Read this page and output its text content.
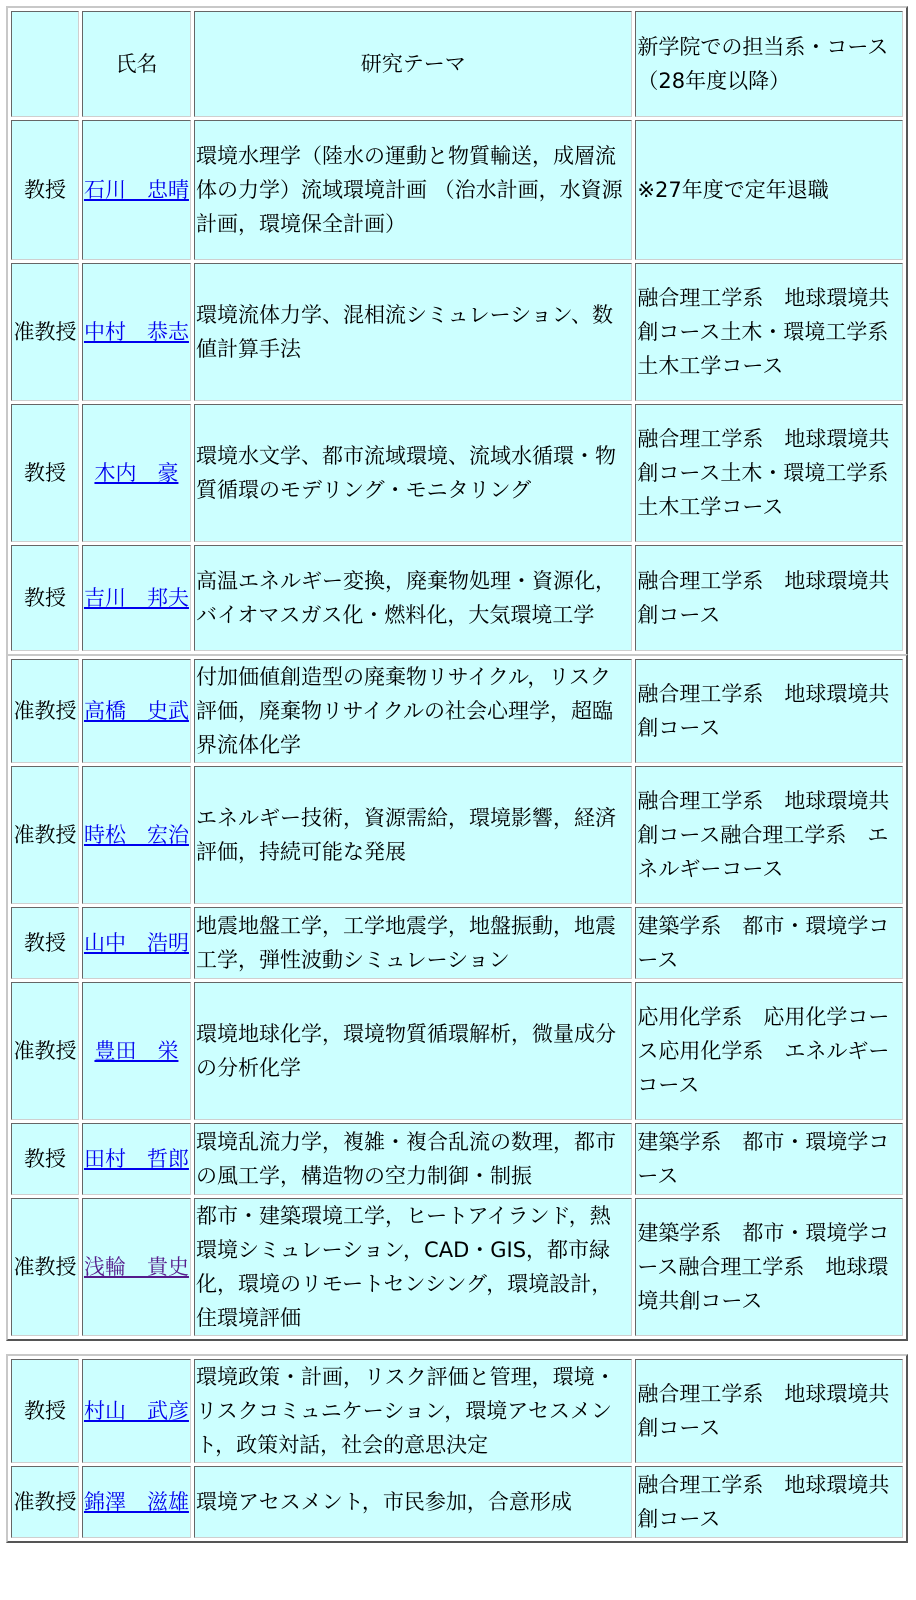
	氏名	研究テーマ	新学院での担当系・コース（28年度以降）
教授	石川　忠晴	環境水理学（陸水の運動と物質輸送，成層流体の力学）流域環境計画 （治水計画，水資源計画，環境保全計画）	※27年度で定年退職
准教授	中村　恭志	環境流体力学、混相流シミュレーション、数値計算手法	融合理工学系　地球環境共創コース土木・環境工学系　土木工学コース
教授	木内　豪	環境水文学、都市流域環境、流域水循環・物質循環のモデリング・モニタリング	融合理工学系　地球環境共創コース土木・環境工学系　土木工学コース
教授	吉川　邦夫	高温エネルギー変換，廃棄物処理・資源化，バイオマスガス化・燃料化，大気環境工学	融合理工学系　地球環境共創コース
准教授	高橋　史武	付加価値創造型の廃棄物リサイクル，リスク評価，廃棄物リサイクルの社会心理学，超臨界流体化学	融合理工学系　地球環境共創コース
准教授	時松　宏治	エネルギー技術，資源需給，環境影響，経済評価，持続可能な発展	融合理工学系　地球環境共創コース融合理工学系　エネルギーコース
教授	山中　浩明	地震地盤工学，工学地震学，地盤振動，地震工学，弾性波動シミュレーション	建築学系　都市・環境学コース
准教授	豊田　栄	環境地球化学，環境物質循環解析，微量成分の分析化学	応用化学系　応用化学コース応用化学系　エネルギーコース
教授	田村　哲郎	環境乱流力学，複雑・複合乱流の数理，都市の風工学，構造物の空力制御・制振	建築学系　都市・環境学コース
准教授	浅輪　貴史	都市・建築環境工学，ヒートアイランド，熱環境シミュレーション，CAD・GIS，都市緑化，環境のリモートセンシング，環境設計，住環境評価	建築学系　都市・環境学コース融合理工学系　地球環境共創コース
教授	村山　武彦	環境政策・計画，リスク評価と管理，環境・リスクコミュニケーション，環境アセスメント，政策対話，社会的意思決定	融合理工学系　地球環境共創コース
准教授	錦澤　滋雄	環境アセスメント，市民参加，合意形成	融合理工学系　地球環境共創コース
